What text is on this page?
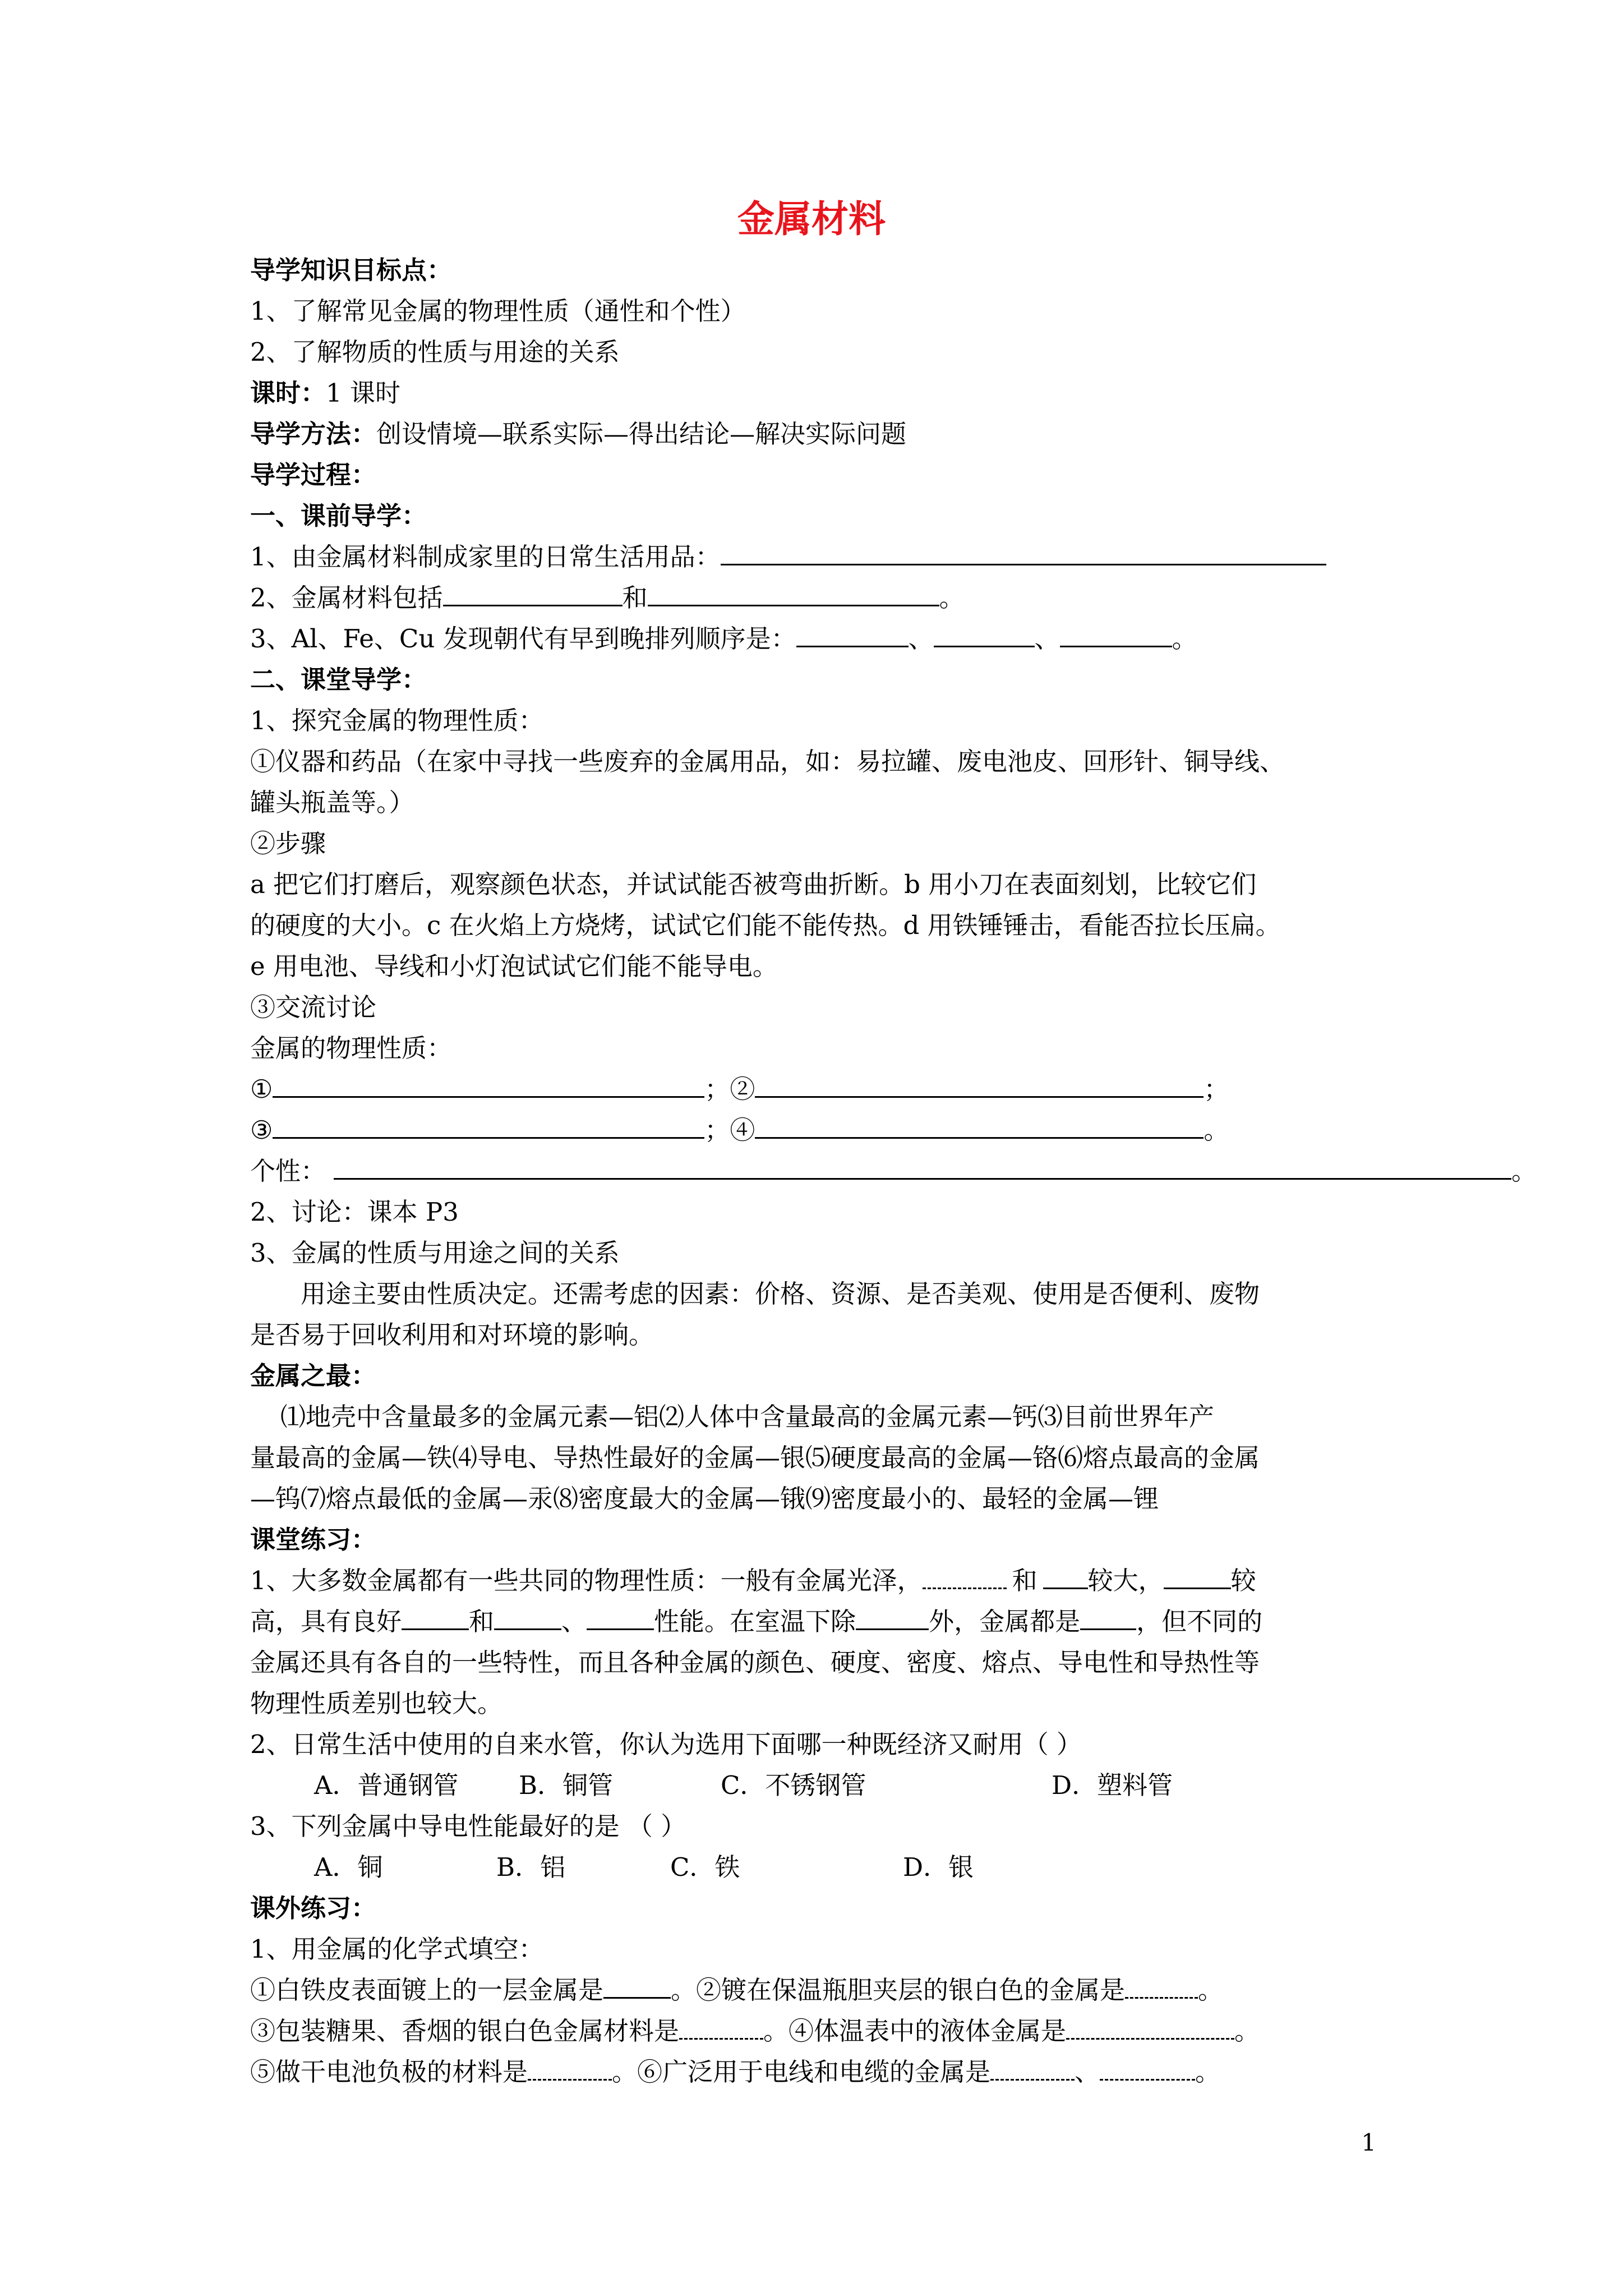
金属材料
导学知识目标点：
1、了解常见金属的物理性质（通性和个性）
2、了解物质的性质与用途的关系
课时：1 课时
导学方法：创设情境—联系实际—得出结论—解决实际问题
导学过程：
一、课前导学：
1、由金属材料制成家里的日常生活用品：
2、金属材料包括	和	。
3、Al、Fe、Cu 发现朝代有早到晚排列顺序是：	、	、	。
二、课堂导学：
1、探究金属的物理性质：
①仪器和药品（在家中寻找一些废弃的金属用品，如：易拉罐、废电池皮、回形针、铜导线、
罐头瓶盖等。）
②步骤
a 把它们打磨后，观察颜色状态，并试试能否被弯曲折断。b 用小刀在表面刻划，比较它们
的硬度的大小。c 在火焰上方烧烤，试试它们能不能传热。d 用铁锤锤击，看能否拉长压扁。
e 用电池、导线和小灯泡试试它们能不能导电。
③交流讨论
金属的物理性质：
①	；②	；
③	；④	。
个性：	。
2、讨论：课本 P3
3、金属的性质与用途之间的关系
用途主要由性质决定。还需考虑的因素：价格、资源、是否美观、使用是否便利、废物
是否易于回收利用和对环境的影响。
金属之最：
⑴地壳中含量最多的金属元素—铝⑵人体中含量最高的金属元素—钙⑶目前世界年产
量最高的金属—铁⑷导电、导热性最好的金属—银⑸硬度最高的金属—铬⑹熔点最高的金属
—钨⑺熔点最低的金属—汞⑻密度最大的金属—锇⑼密度最小的、最轻的金属—锂
课堂练习：
1、大多数金属都有一些共同的物理性质：一般有金属光泽，	和 较大，	较
高，具有良好	和	、	性能。在室温下除	外，金属都是 ，但不同的
金属还具有各自的一些特性，而且各种金属的颜色、硬度、密度、熔点、导电性和导热性等
物理性质差别也较大。
2、日常生活中使用的自来水管，你认为选用下面哪一种既经济又耐用（ ）
A．普通钢管 B．铜管	C．不锈钢管	D．塑料管
3、下列金属中导电性能最好的是 （ ）
A．铜	B．铝	C．铁	D．银
课外练习：
1、用金属的化学式填空：
①白铁皮表面镀上的一层金属是	。②镀在保温瓶胆夹层的银白色的金属是	。
③包装糖果、香烟的银白色金属材料是	。④体温表中的液体金属是	。
⑤做干电池负极的材料是	。⑥广泛用于电线和电缆的金属是	、	。
1
